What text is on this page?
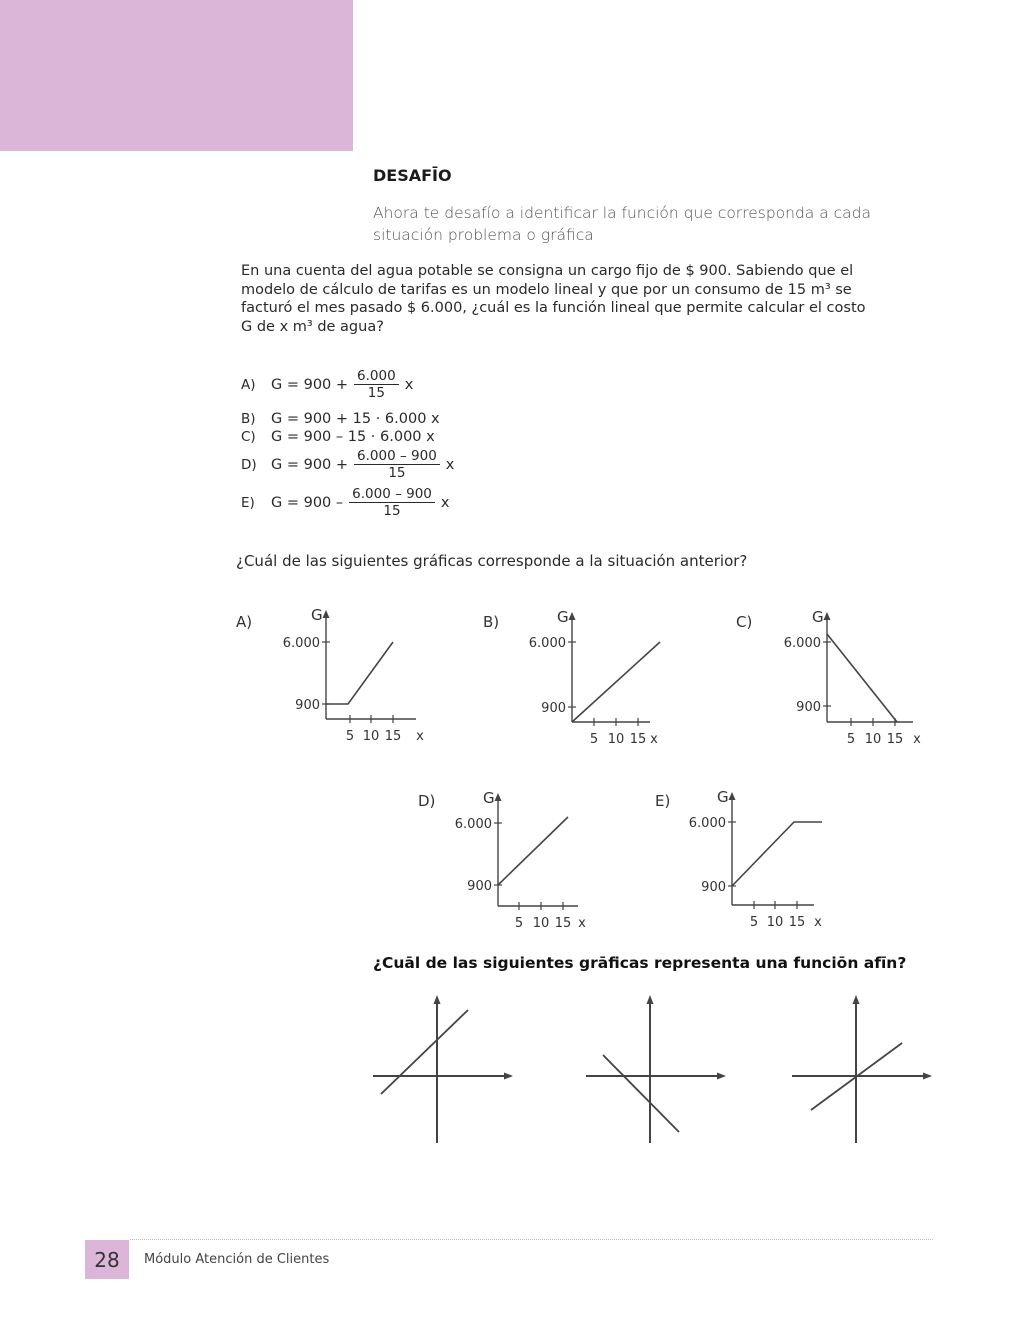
DESAFĪO

Ahora te desafío a identificar la función que corresponda a cada situación problema o gráfica

En una cuenta del agua potable se consigna un cargo fijo de $ 900. Sabiendo que el
modelo de cálculo de tarifas es un modelo lineal y que por un consumo de 15 m³ se
facturó el mes pasado $ 6.000, ¿cuál es la función lineal que permite calcular el costo
G de x m³ de agua?
A)	$G = 900 + \frac{6.000}{15}$ x
B)	G = 900 + 15 · 6.000 x
C)	G = 900 – 15 · 6.000 x
D) $G = 900 + \frac{6.000 - 900}{15}$ x
E)	$G = 900 - \frac{6.000 - 900}{15}$ x

¿Cuál de las siguientes gráficas corresponde a la situación anterior?

A)	G
x
6.000
900
5 10 15
B)	G
x
6.000
900
5 10 15
C)	G
x
6.000
900
5 10 15
D)	G
x
6.000
900
5 10 15
E)	G
x
6.000
900
5 10 15

¿Cuāl de las siguientes grāficas representa una funciōn afīn?

28	Módulo Atención de Clientes
